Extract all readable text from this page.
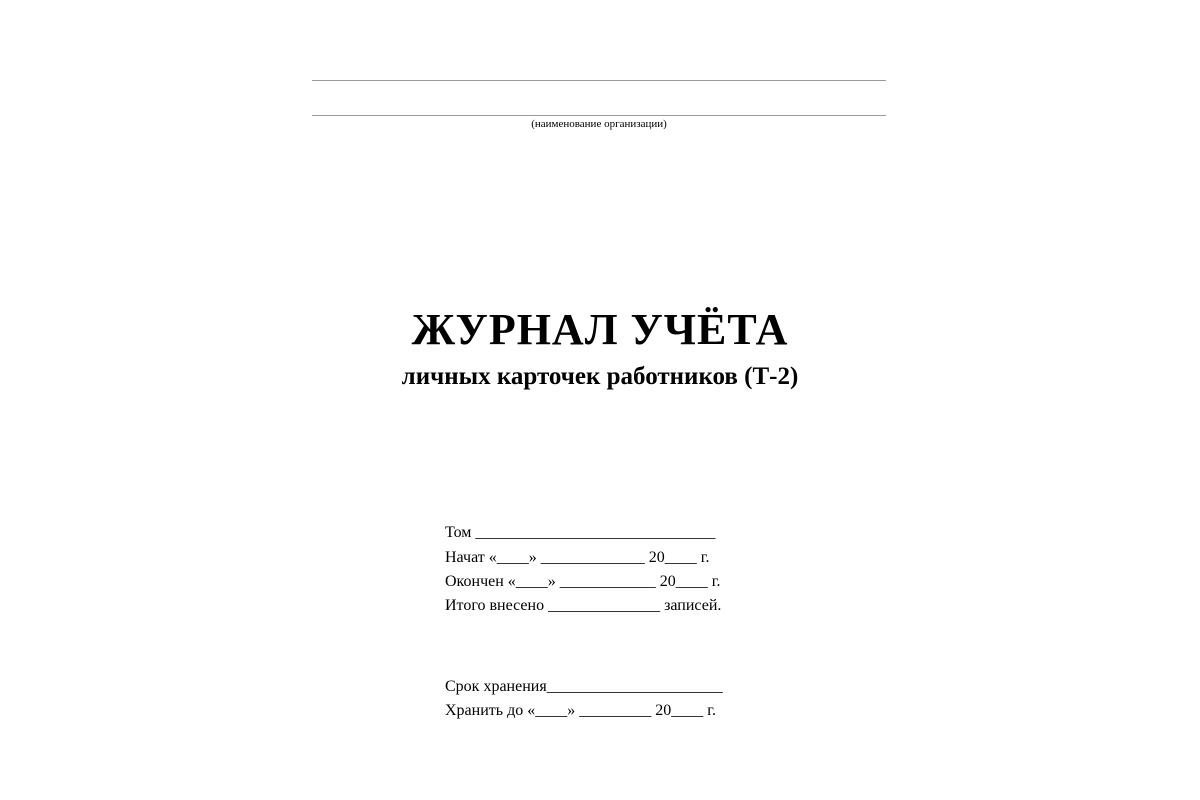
(наименование организации)
ЖУРНАЛ УЧЁТА
личных карточек работников (Т-2)
Том ______________________________
Начат «____» _____________ 20____ г.
Окончен «____» ____________ 20____ г.
Итого внесено ______________ записей.
Срок хранения______________________
Хранить до «____» _________ 20____ г.
